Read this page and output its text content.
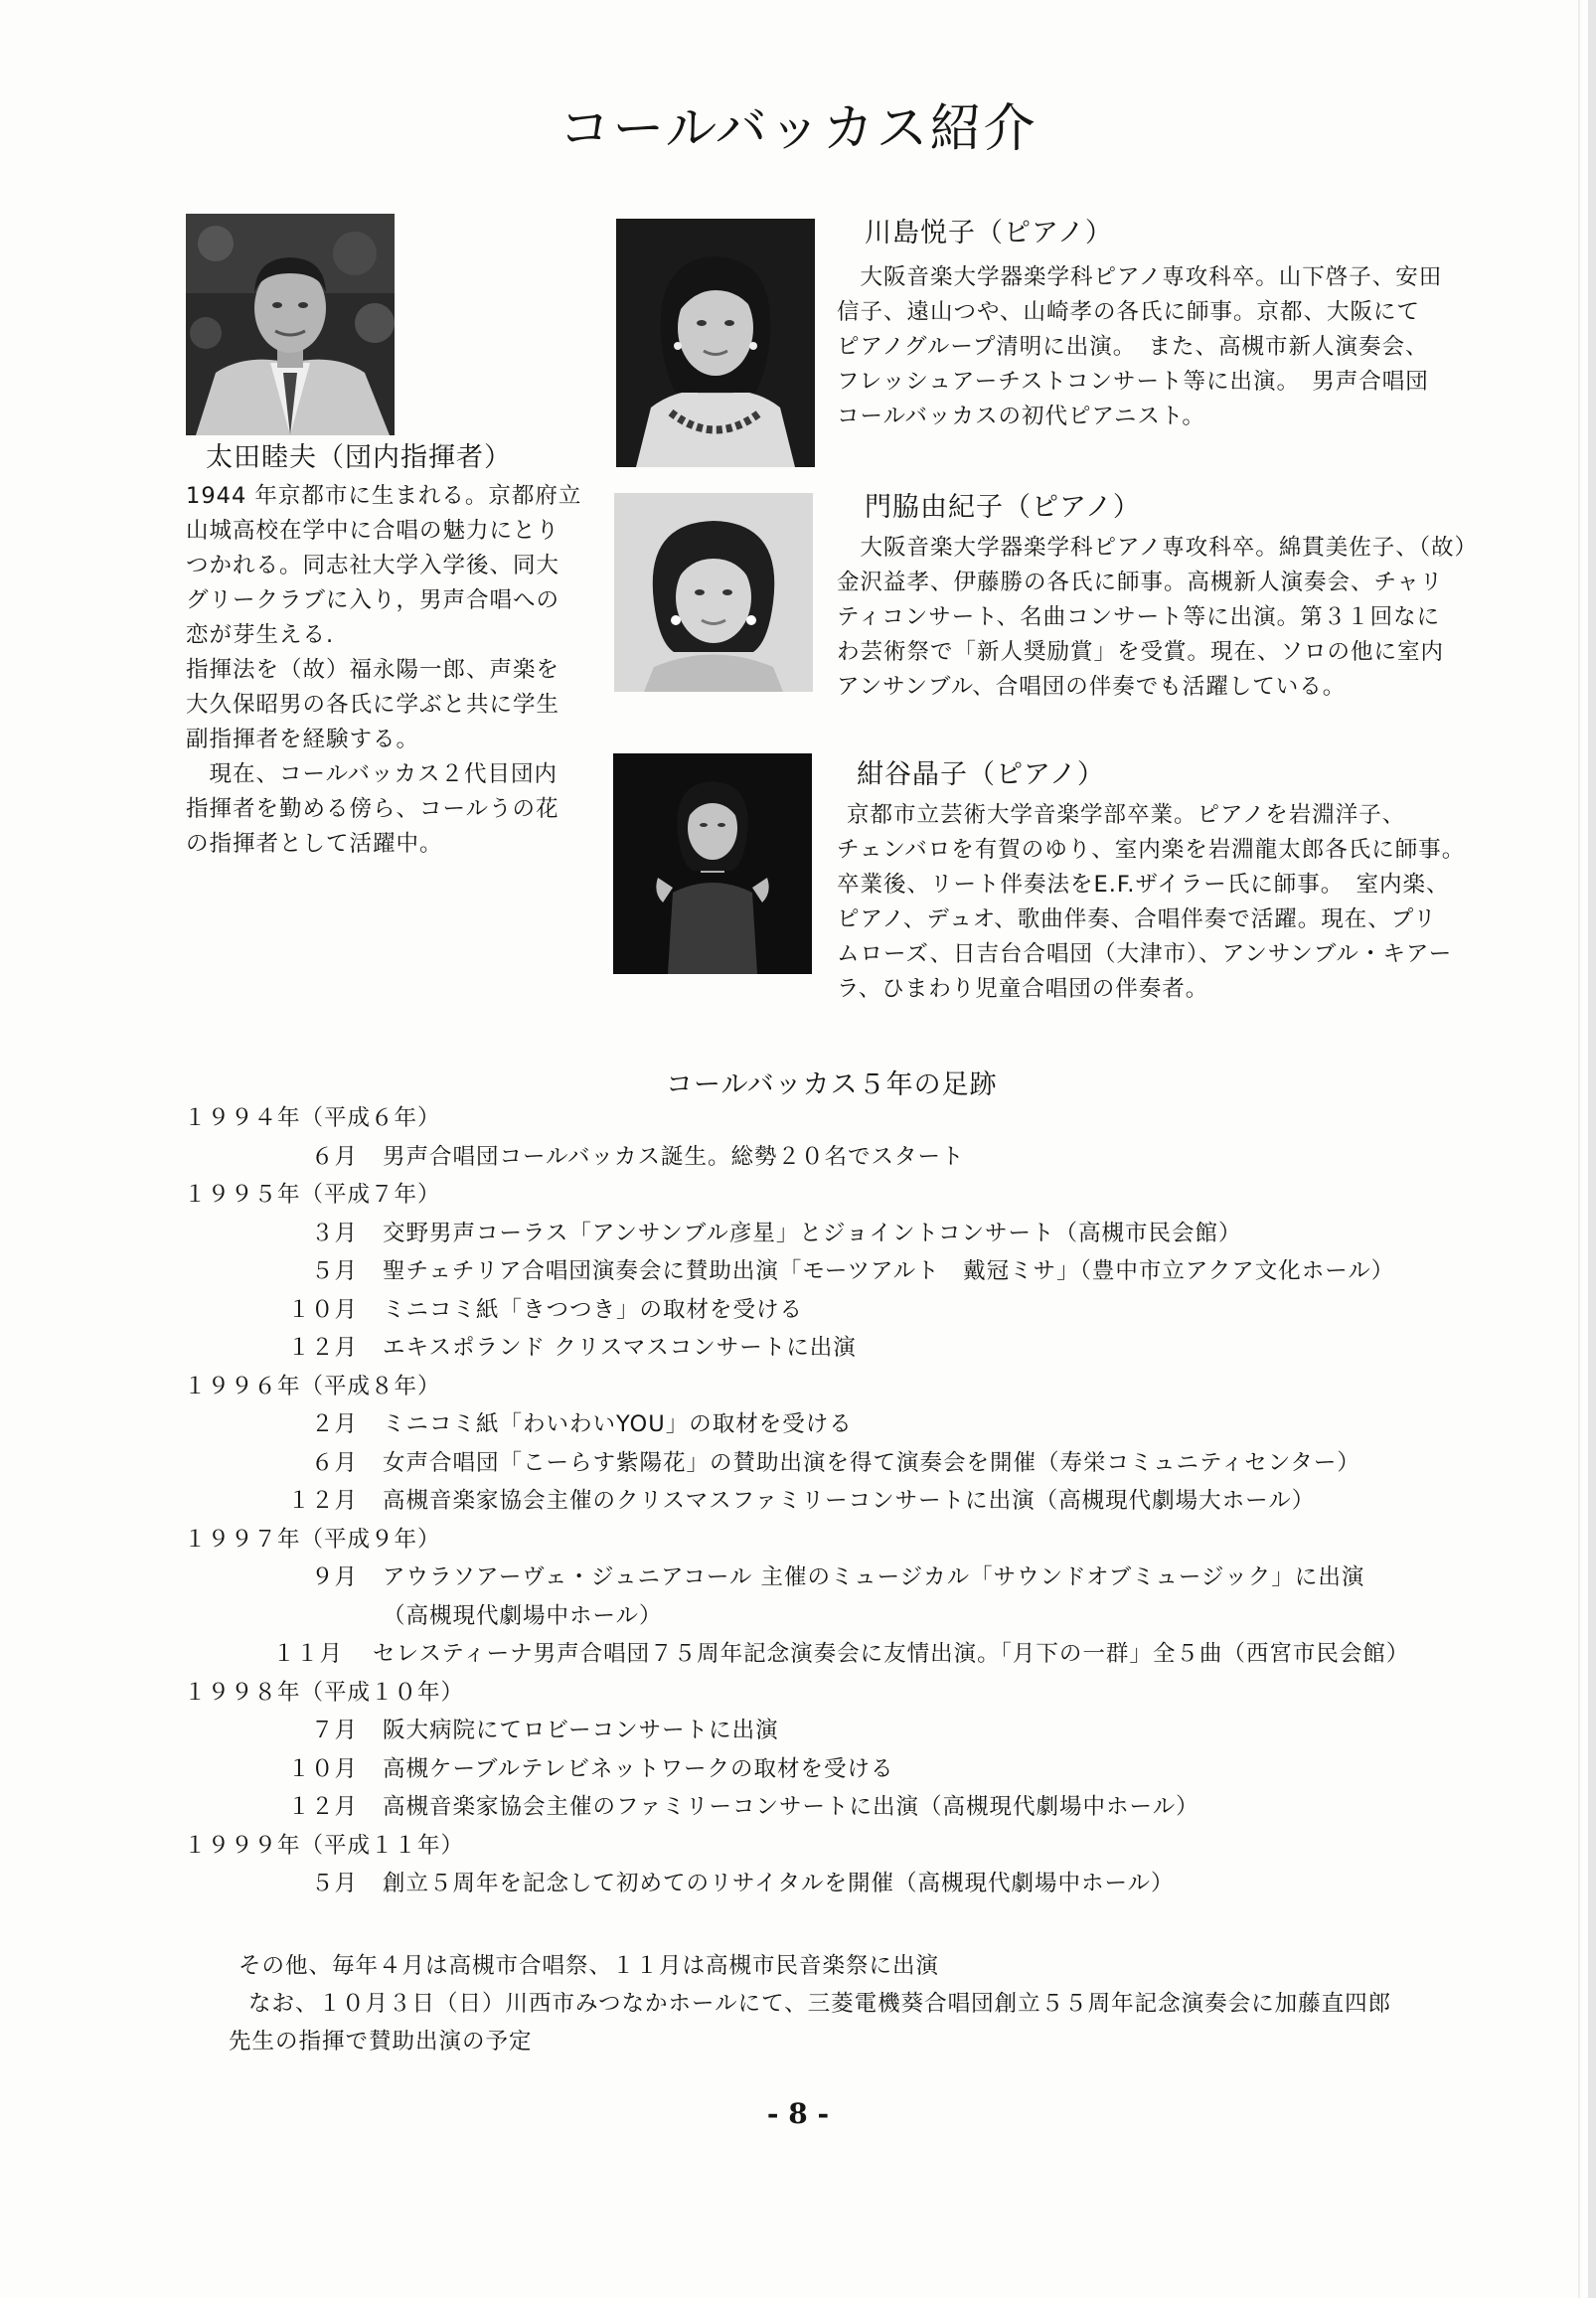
コールバッカス紹介
太田睦夫（団内指揮者）
川島悦子（ピアノ）
門脇由紀子（ピアノ）
紺谷晶子（ピアノ）
1944 年京都市に生まれる。京都府立
山城高校在学中に合唱の魅力にとり
つかれる。同志社大学入学後、同大
グリークラブに入り，男声合唱への
恋が芽生える.
指揮法を（故）福永陽一郎、声楽を
大久保昭男の各氏に学ぶと共に学生
副指揮者を経験する。
　現在、コールバッカス２代目団内
指揮者を勤める傍ら、コールうの花
の指揮者として活躍中。
　大阪音楽大学器楽学科ピアノ専攻科卒。山下啓子、安田
信子、遠山つや、山崎孝の各氏に師事。京都、大阪にて
ピアノグループ清明に出演。　また、高槻市新人演奏会、
フレッシュアーチストコンサート等に出演。　男声合唱団
コールバッカスの初代ピアニスト。
　大阪音楽大学器楽学科ピアノ専攻科卒。綿貫美佐子、（故）
金沢益孝、伊藤勝の各氏に師事。高槻新人演奏会、チャリ
ティコンサート、名曲コンサート等に出演。第３１回なに
わ芸術祭で「新人奨励賞」を受賞。現在、ソロの他に室内
アンサンブル、合唱団の伴奏でも活躍している。
京都市立芸術大学音楽学部卒業。ピアノを岩淵洋子、
チェンバロを有賀のゆり、室内楽を岩淵龍太郎各氏に師事。
卒業後、リート伴奏法をE.F.ザイラー氏に師事。　室内楽、
ピアノ、デュオ、歌曲伴奏、合唱伴奏で活躍。現在、プリ
ムローズ、日吉台合唱団（大津市）、アンサンブル・キアー
ラ、ひまわり児童合唱団の伴奏者。
コールバッカス５年の足跡
１９９４年（平成６年）
６月 男声合唱団コールバッカス誕生。総勢２０名でスタート
１９９５年（平成７年）
３月 交野男声コーラス「アンサンブル彦星」とジョイントコンサート（高槻市民会館）
５月 聖チェチリア合唱団演奏会に賛助出演「モーツアルト　戴冠ミサ」（豊中市立アクア文化ホール）
１０月 ミニコミ紙「きつつき」の取材を受ける
１２月 エキスポランド クリスマスコンサートに出演
１９９６年（平成８年）
２月 ミニコミ紙「わいわいYOU」の取材を受ける
６月 女声合唱団「こーらす紫陽花」の賛助出演を得て演奏会を開催（寿栄コミュニティセンター）
１２月 高槻音楽家協会主催のクリスマスファミリーコンサートに出演（高槻現代劇場大ホール）
１９９７年（平成９年）
９月 アウラソアーヴェ・ジュニアコール 主催のミュージカル「サウンドオブミュージック」に出演
（高槻現代劇場中ホール）
１１月 セレスティーナ男声合唱団７５周年記念演奏会に友情出演。「月下の一群」全５曲（西宮市民会館）
１９９８年（平成１０年）
７月 阪大病院にてロビーコンサートに出演
１０月 高槻ケーブルテレビネットワークの取材を受ける
１２月 高槻音楽家協会主催のファミリーコンサートに出演（高槻現代劇場中ホール）
１９９９年（平成１１年）
５月 創立５周年を記念して初めてのリサイタルを開催（高槻現代劇場中ホール）
その他、毎年４月は高槻市合唱祭、１１月は高槻市民音楽祭に出演
なお、１０月３日（日）川西市みつなかホールにて、三菱電機葵合唱団創立５５周年記念演奏会に加藤直四郎
先生の指揮で賛助出演の予定
- 8 -
